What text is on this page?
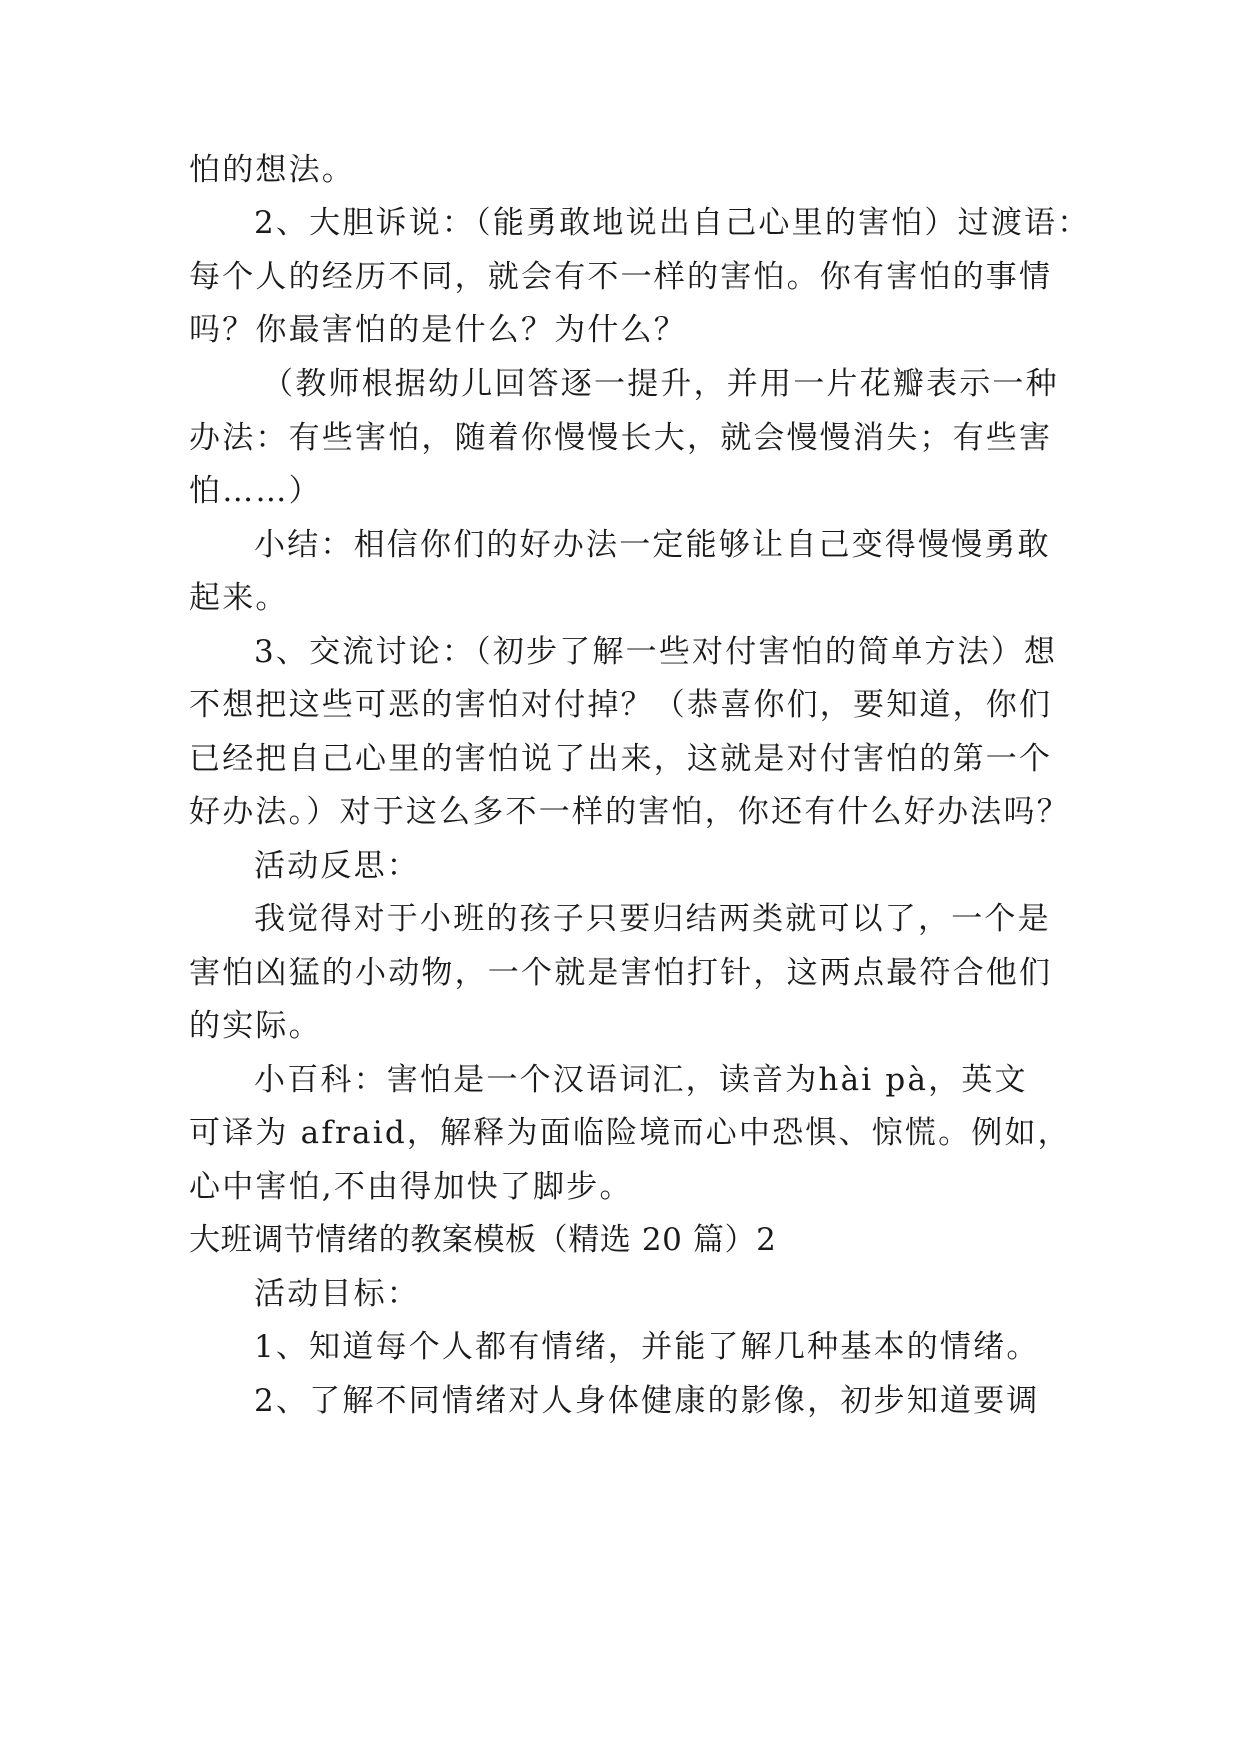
怕的想法。
2、大胆诉说：（能勇敢地说出自己心里的害怕）过渡语：
每个人的经历不同，就会有不一样的害怕。你有害怕的事情
吗？你最害怕的是什么？为什么？
（教师根据幼儿回答逐一提升，并用一片花瓣表示一种
办法：有些害怕，随着你慢慢长大，就会慢慢消失；有些害
怕……）
小结：相信你们的好办法一定能够让自己变得慢慢勇敢
起来。
3、交流讨论：（初步了解一些对付害怕的简单方法）想
不想把这些可恶的害怕对付掉？（恭喜你们，要知道，你们
已经把自己心里的害怕说了出来，这就是对付害怕的第一个
好办法。）对于这么多不一样的害怕，你还有什么好办法吗？
活动反思：
我觉得对于小班的孩子只要归结两类就可以了，一个是
害怕凶猛的小动物，一个就是害怕打针，这两点最符合他们
的实际。
小百科：害怕是一个汉语词汇，读音为hài pà，英文
可译为 afraid，解释为面临险境而心中恐惧、惊慌。例如，
心中害怕,不由得加快了脚步。
大班调节情绪的教案模板（精选 20 篇）2
活动目标：
1、知道每个人都有情绪，并能了解几种基本的情绪。
2、了解不同情绪对人身体健康的影像，初步知道要调
